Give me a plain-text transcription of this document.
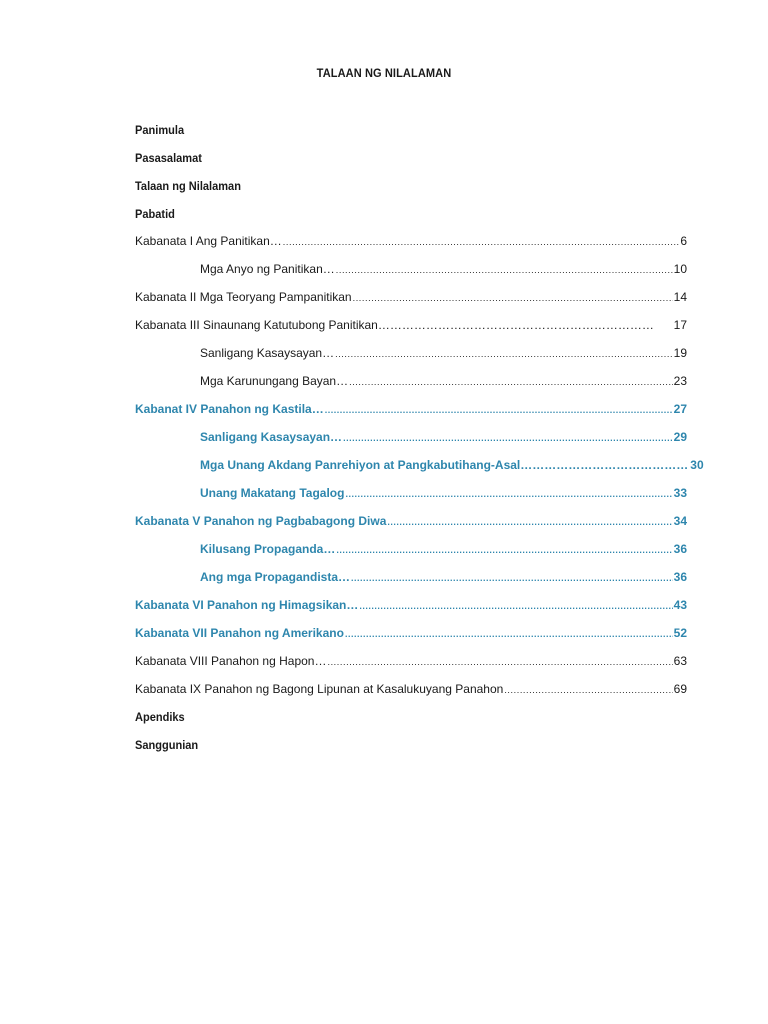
TALAAN NG NILALAMAN
Panimula
Pasasalamat
Talaan ng Nilalaman
Pabatid
Kabanata I Ang Panitikan… .....	6
Mga Anyo ng Panitikan… .....	10
Kabanata II Mga Teoryang Pampanitikan .....	14
Kabanata III Sinaunang Katutubong Panitikan…………………………………………………………… 17
Sanligang Kasaysayan… .....	19
Mga Karunungang Bayan… .....	23
Kabanat IV Panahon ng Kastila… .....	27
Sanligang Kasaysayan… .....	29
Mga Unang Akdang Panrehiyon at Pangkabutihang-Asal…………………………………… 30
Unang Makatang Tagalog .....	33
Kabanata V Panahon ng Pagbabagong Diwa .....	34
Kilusang Propaganda… .....	36
Ang mga Propagandista… .....	36
Kabanata VI Panahon ng Himagsikan… .....	43
Kabanata VII Panahon ng Amerikano .....	52
Kabanata VIII Panahon ng Hapon… .....	63
Kabanata IX Panahon ng Bagong Lipunan at Kasalukuyang Panahon .....	69
Apendiks
Sanggunian
